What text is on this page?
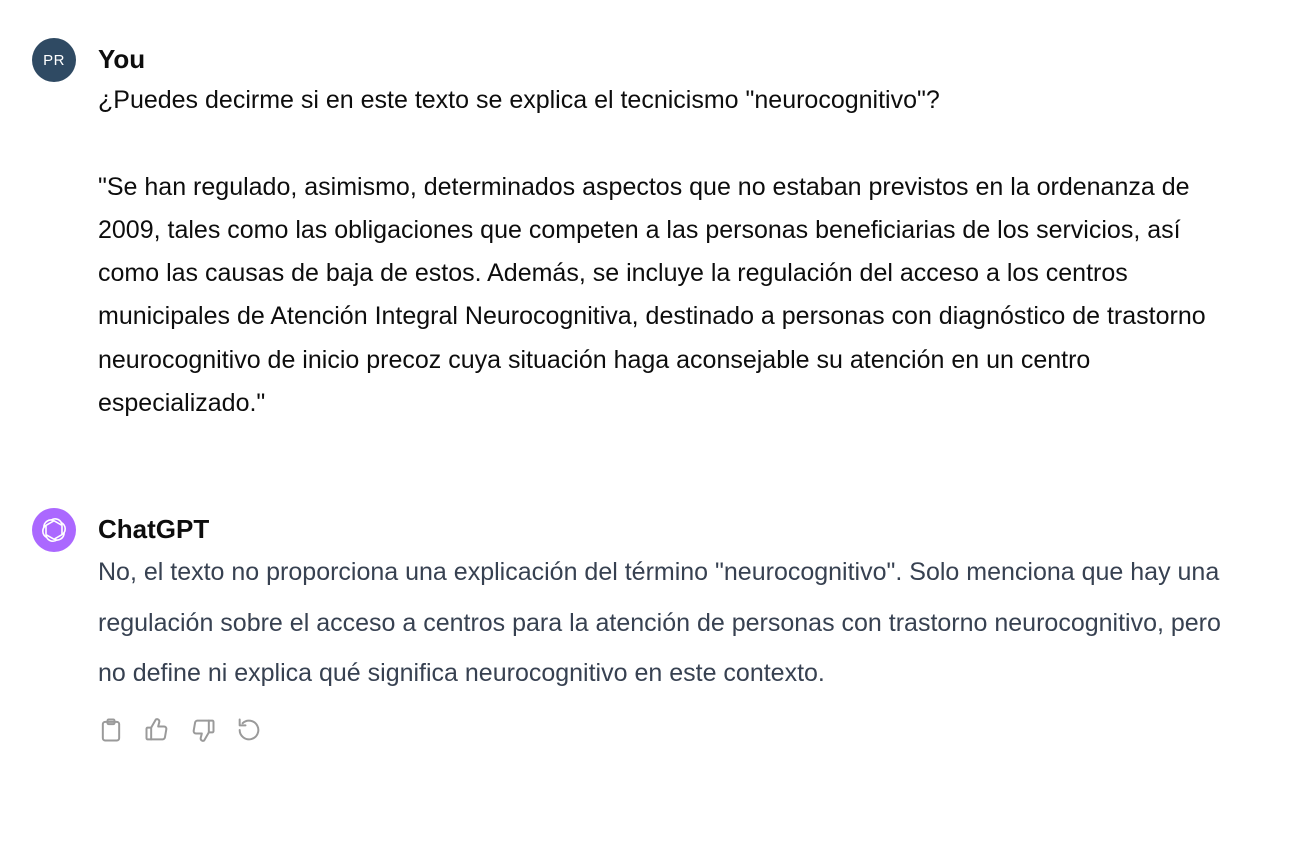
PR You

¿Puedes decirme si en este texto se explica el tecnicismo "neurocognitivo"?

"Se han regulado, asimismo, determinados aspectos que no estaban previstos en la ordenanza de 2009, tales como las obligaciones que competen a las personas beneficiarias de los servicios, así como las causas de baja de estos. Además, se incluye la regulación del acceso a los centros municipales de Atención Integral Neurocognitiva, destinado a personas con diagnóstico de trastorno neurocognitivo de inicio precoz cuya situación haga aconsejable su atención en un centro especializado."

ChatGPT

No, el texto no proporciona una explicación del término "neurocognitivo". Solo menciona que hay una regulación sobre el acceso a centros para la atención de personas con trastorno neurocognitivo, pero no define ni explica qué significa neurocognitivo en este contexto.
